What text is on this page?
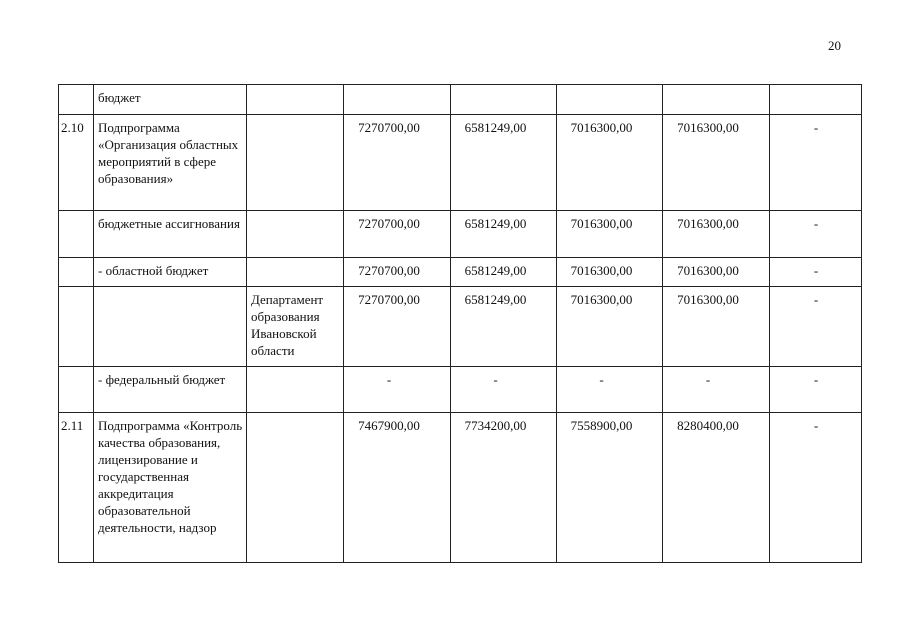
20
	бюджет						
2.10	Подпрограмма «Организация областных мероприятий в сфере образования»		7270700,00	6581249,00	7016300,00	7016300,00	-
	бюджетные ассигнования		7270700,00	6581249,00	7016300,00	7016300,00	-
	- областной бюджет		7270700,00	6581249,00	7016300,00	7016300,00	-
		Департамент образования Ивановской области	7270700,00	6581249,00	7016300,00	7016300,00	-
	- федеральный бюджет		-	-	-	-	-
2.11	Подпрограмма «Контроль качества образования, лицензирование и государственная аккредитация образовательной деятельности, надзор		7467900,00	7734200,00	7558900,00	8280400,00	-
